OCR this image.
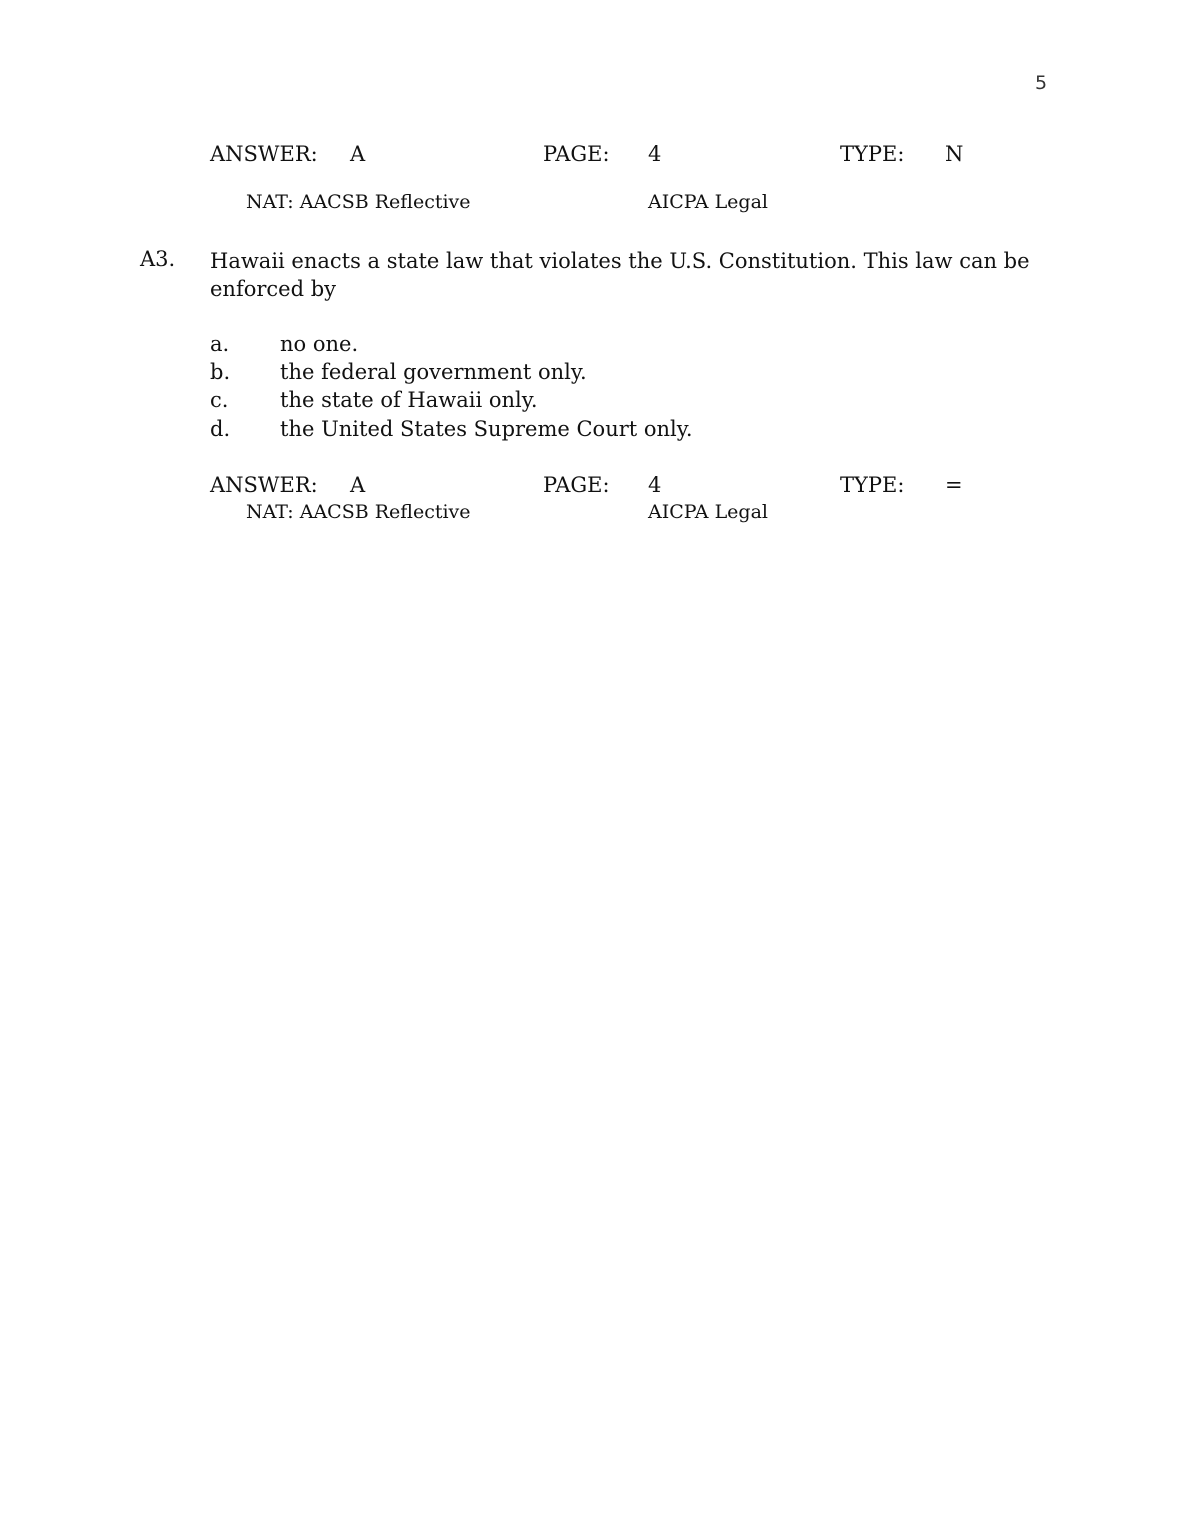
5
ANSWER: A	PAGE: 4	TYPE: N
NAT: AACSB Reflective	AICPA Legal
A3. Hawaii enacts a state law that violates the U.S. Constitution. This law can be enforced by
a. no one.
b. the federal government only.
c. the state of Hawaii only.
d. the United States Supreme Court only.
ANSWER: A	PAGE: 4	TYPE: =
NAT: AACSB Reflective	AICPA Legal
